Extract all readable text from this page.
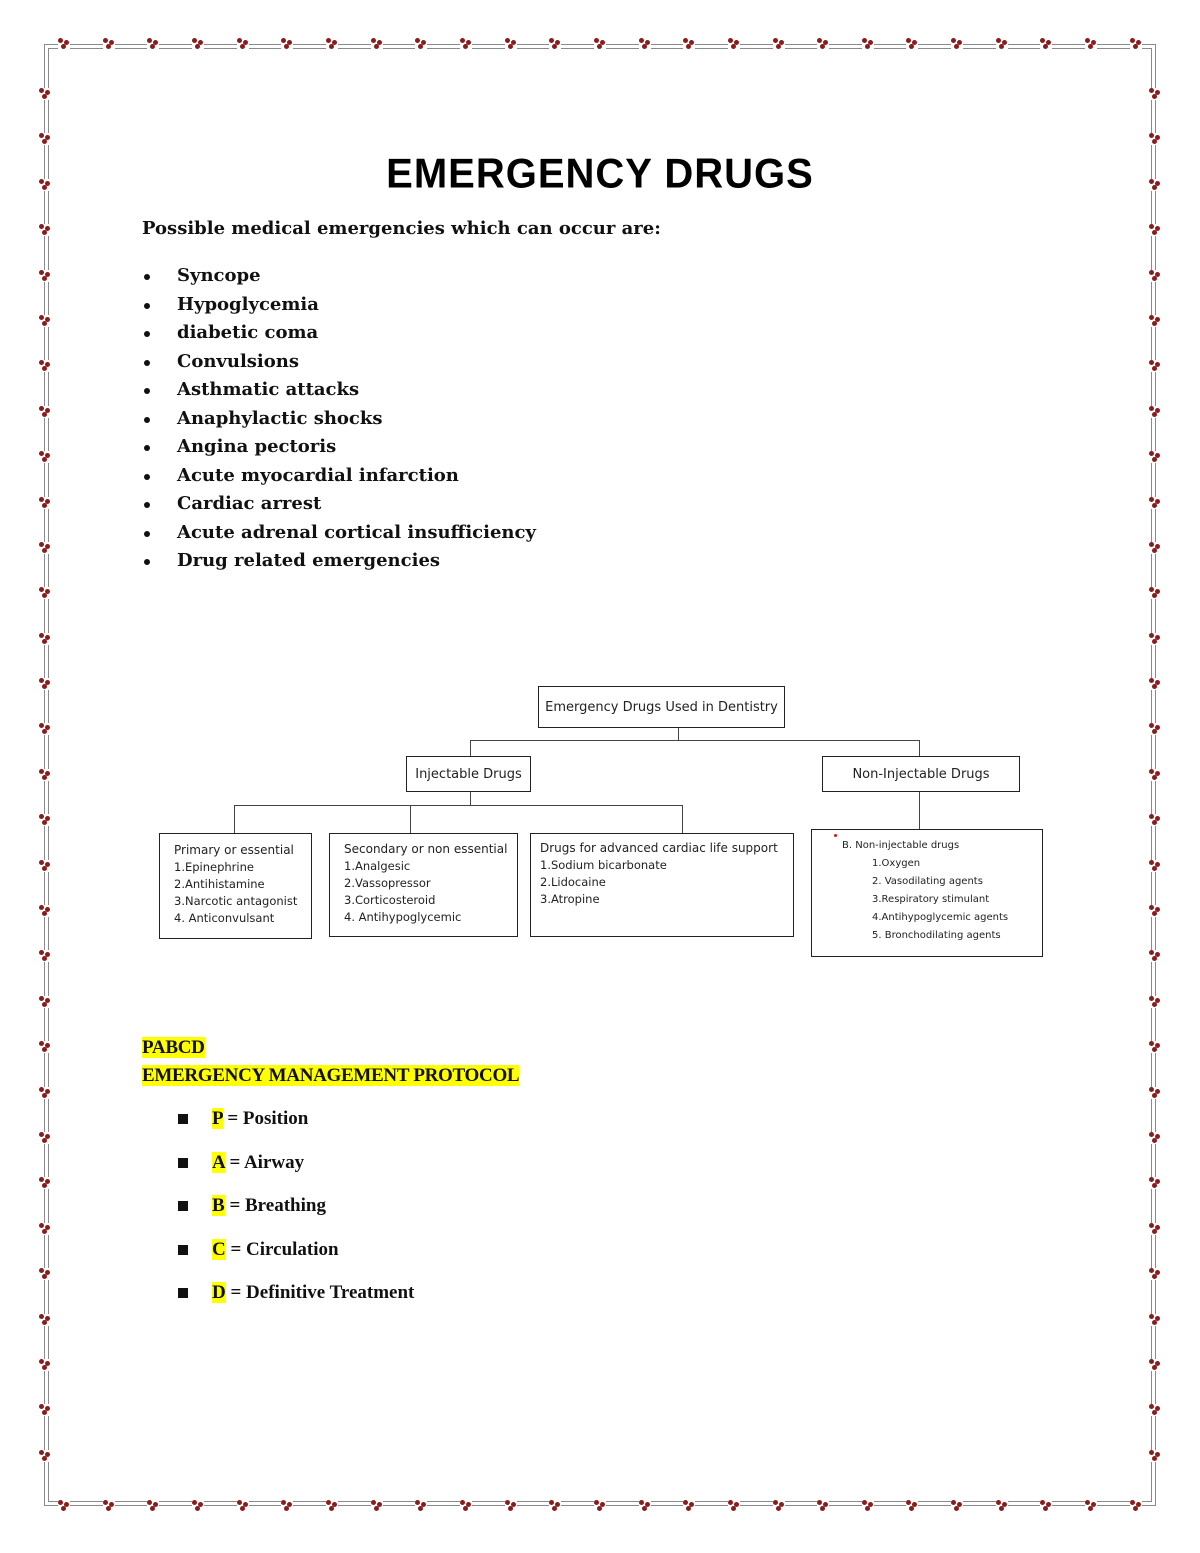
EMERGENCY DRUGS
Possible medical emergencies which can occur are:
Syncope
Hypoglycemia
diabetic coma
Convulsions
Asthmatic attacks
Anaphylactic shocks
Angina pectoris
Acute myocardial infarction
Cardiac arrest
Acute adrenal cortical insufficiency
Drug related emergencies
Emergency Drugs Used in Dentistry
Injectable Drugs	Non-Injectable Drugs
Primary or essential
1.Epinephrine
2.Antihistamine
3.Narcotic antagonist
4. Anticonvulsant
Secondary or non essential
1.Analgesic
2.Vassopressor
3.Corticosteroid
4. Antihypoglycemic
Drugs for advanced cardiac life support
1.Sodium bicarbonate
2.Lidocaine
3.Atropine
B. Non-injectable drugs
1.Oxygen
2. Vasodilating agents
3.Respiratory stimulant
4.Antihypoglycemic agents
5. Bronchodilating agents
PABCD
EMERGENCY MANAGEMENT PROTOCOL
P = Position
A = Airway
B = Breathing
C = Circulation
D = Definitive Treatment
